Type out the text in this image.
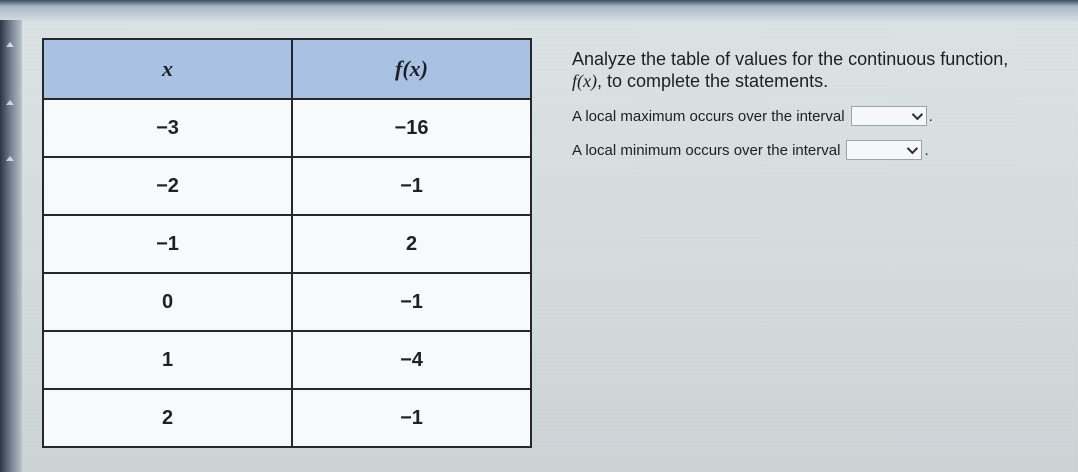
x	f(x)
−3	−16
−2	−1
−1	2
0	−1
1	−4
2	−1
Analyze the table of values for the continuous function,
f(x), to complete the statements.
A local maximum occurs over the interval	.
A local minimum occurs over the interval	.
